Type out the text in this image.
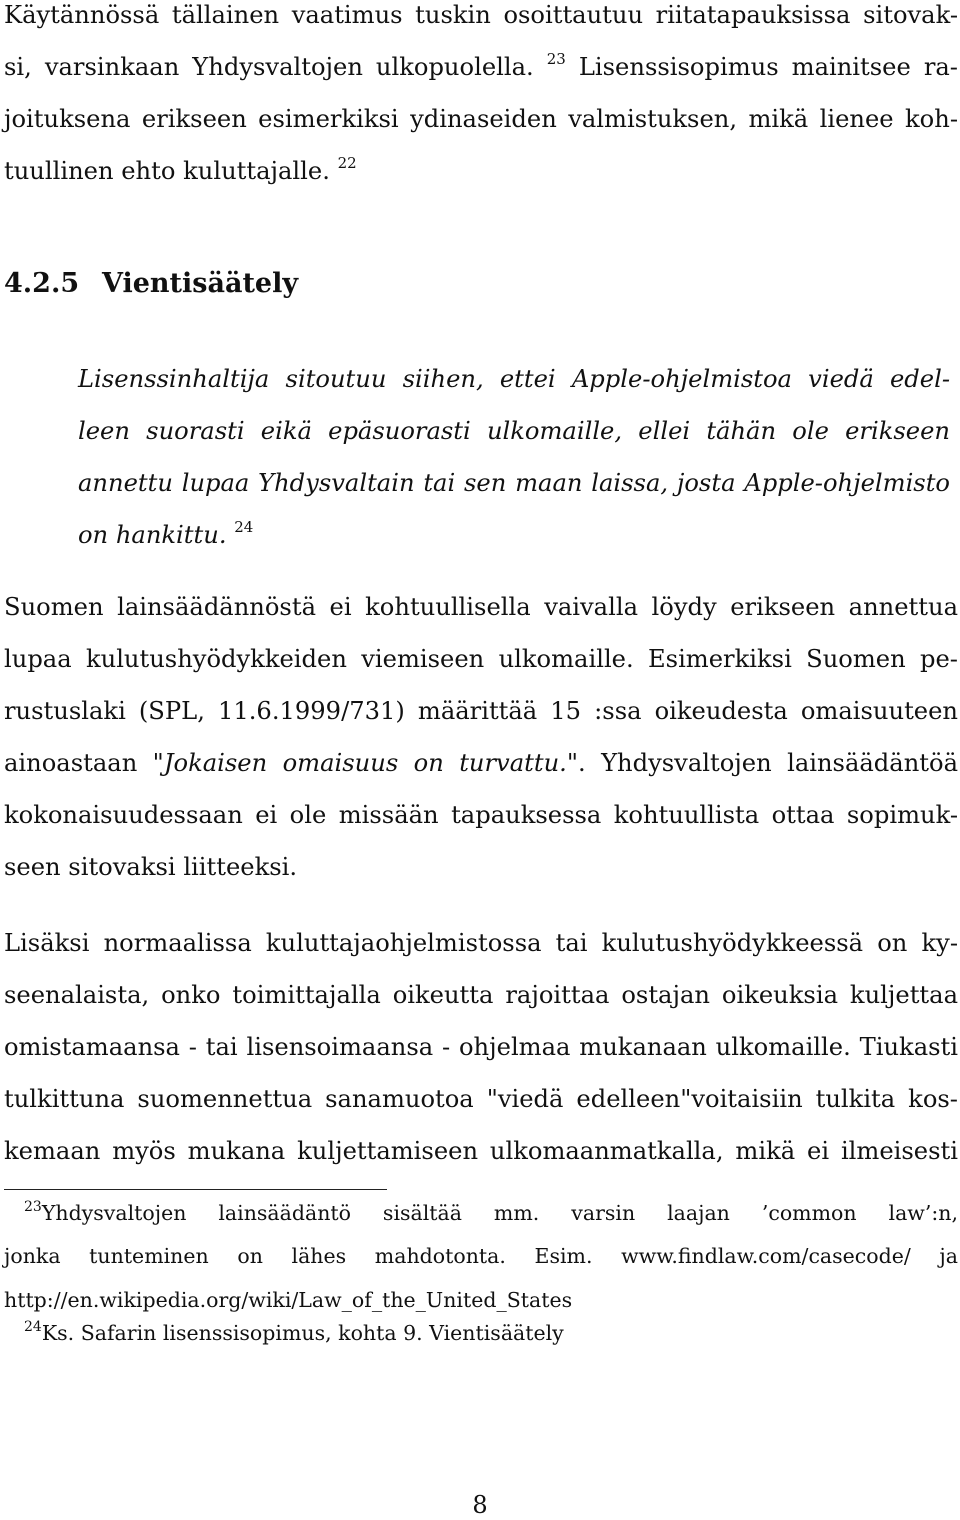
Käytännössä tällainen vaatimus tuskin osoittautuu riitatapauksissa sitovak-
si, varsinkaan Yhdysvaltojen ulkopuolella. $^{23}$ Lisenssisopimus mainitsee ra-
joituksena erikseen esimerkiksi ydinaseiden valmistuksen, mikä lienee koh-
tuullinen ehto kuluttajalle. $^{22}$
4.2.5 Vientisäätely
Lisenssinhaltija sitoutuu siihen, ettei Apple-ohjelmistoa viedä edel-
leen suorasti eikä epäsuorasti ulkomaille, ellei tähän ole erikseen
annettu lupaa Yhdysvaltain tai sen maan laissa, josta Apple-ohjelmisto
on hankittu. $^{24}$
Suomen lainsäädännöstä ei kohtuullisella vaivalla löydy erikseen annettua
lupaa kulutushyödykkeiden viemiseen ulkomaille. Esimerkiksi Suomen pe-
rustuslaki (SPL, 11.6.1999/731) määrittää 15 :ssa oikeudesta omaisuuteen
ainoastaan "Jokaisen omaisuus on turvattu.". Yhdysvaltojen lainsäädäntöä
kokonaisuudessaan ei ole missään tapauksessa kohtuullista ottaa sopimuk-
seen sitovaksi liitteeksi.
Lisäksi normaalissa kuluttajaohjelmistossa tai kulutushyödykkeessä on ky-
seenalaista, onko toimittajalla oikeutta rajoittaa ostajan oikeuksia kuljettaa
omistamaansa - tai lisensoimaansa - ohjelmaa mukanaan ulkomaille. Tiukasti
tulkittuna suomennettua sanamuotoa "viedä edelleen"voitaisiin tulkita kos-
kemaan myös mukana kuljettamiseen ulkomaanmatkalla, mikä ei ilmeisesti
$^{23}$Yhdysvaltojen lainsäädäntö sisältää mm. varsin laajan ’common law’:n,
jonka tunteminen on lähes mahdotonta. Esim. www.findlaw.com/casecode/ ja
http://en.wikipedia.org/wiki/Law_of_the_United_States
$^{24}$Ks. Safarin lisenssisopimus, kohta 9. Vientisäätely
8
